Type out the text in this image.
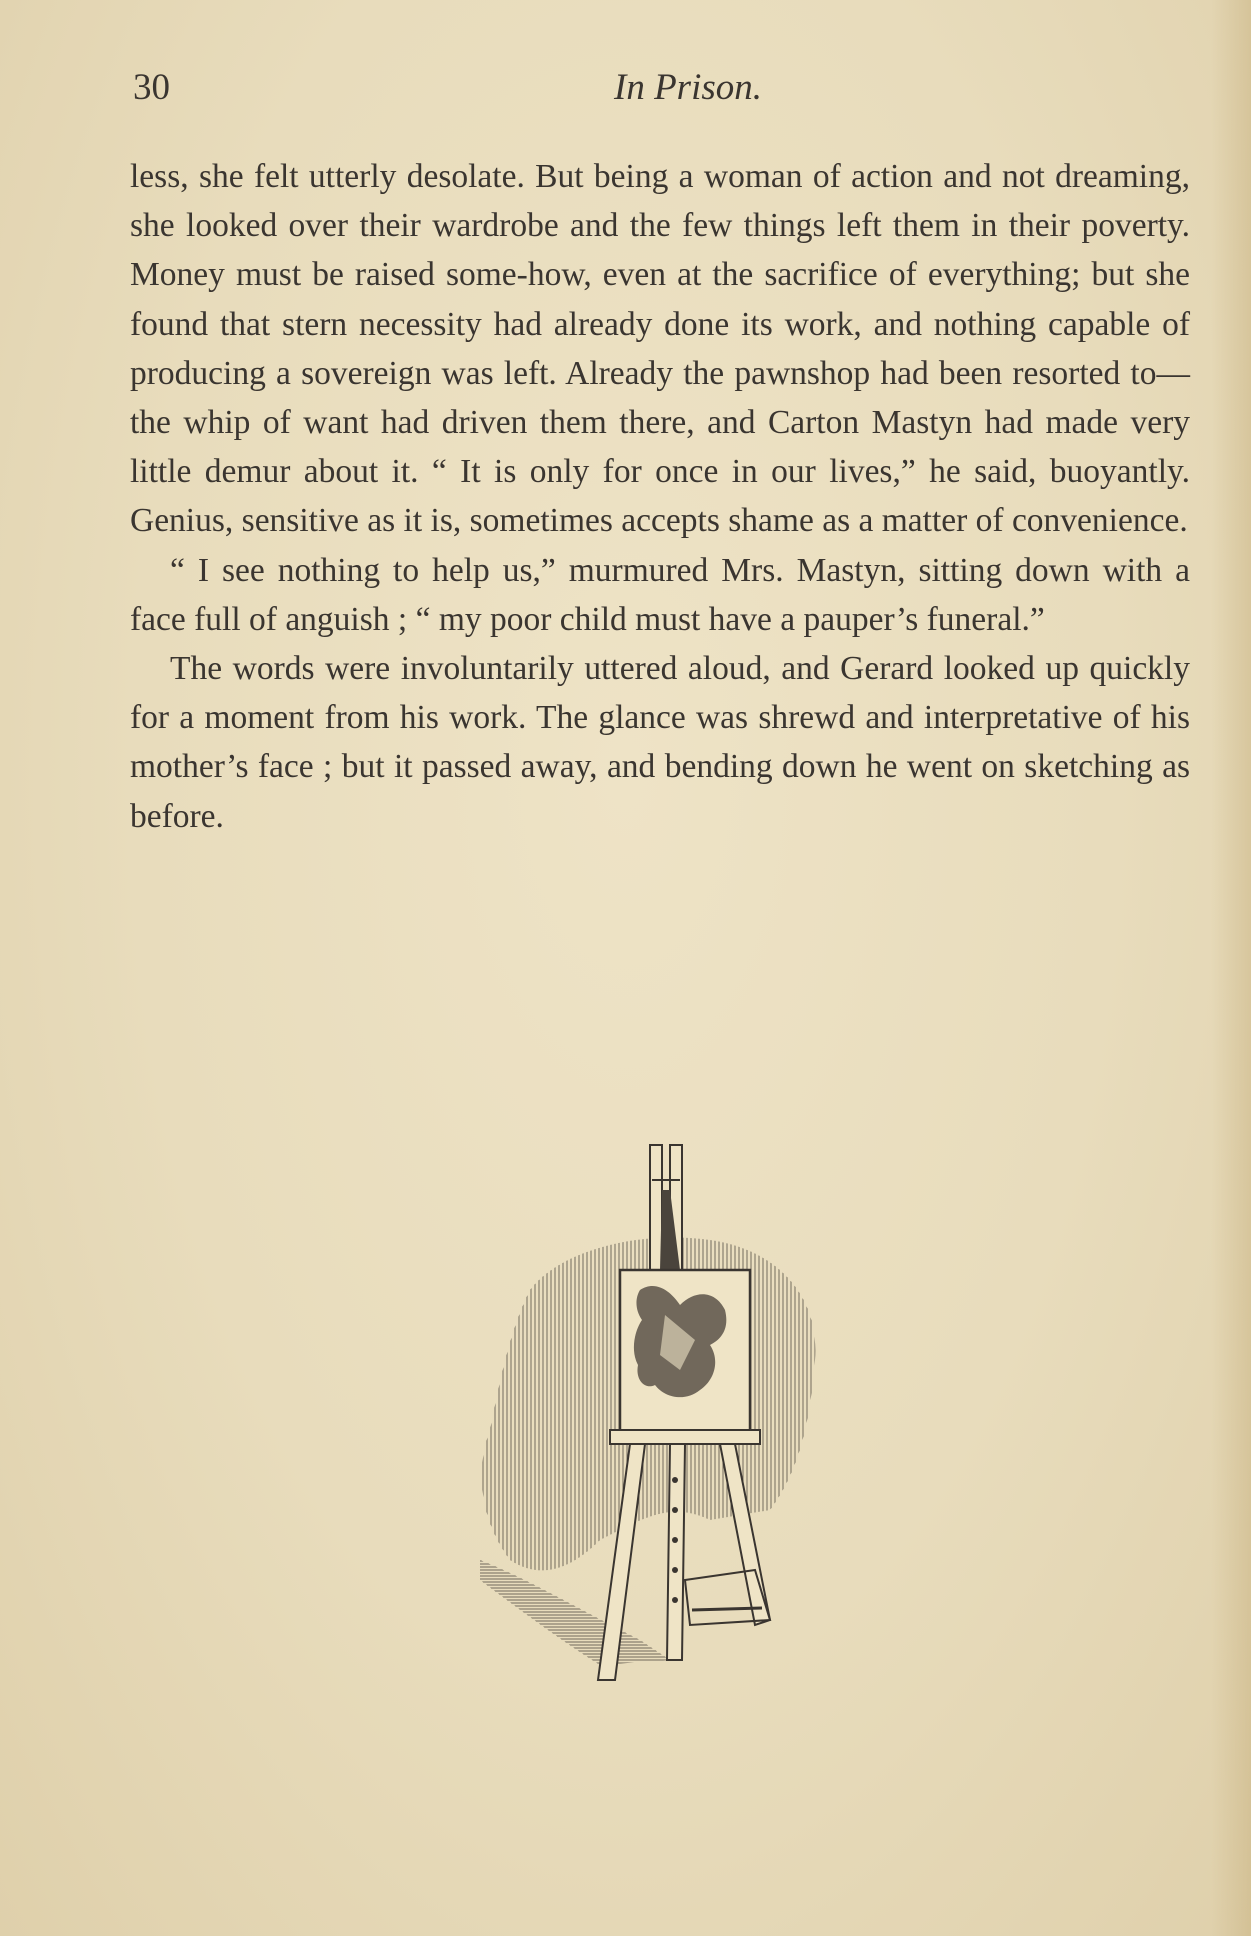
30	In Prison.

less, she felt utterly desolate. But being a woman of action and not dreaming, she looked over their wardrobe and the few things left them in their poverty. Money must be raised some-how, even at the sacrifice of everything; but she found that stern necessity had already done its work, and nothing capable of producing a sovereign was left. Already the pawnshop had been resorted to—the whip of want had driven them there, and Carton Mastyn had made very little demur about it. “ It is only for once in our lives,” he said, buoyantly. Genius, sensitive as it is, sometimes accepts shame as a matter of convenience.

“ I see nothing to help us,” murmured Mrs. Mastyn, sitting down with a face full of anguish ; “ my poor child must have a pauper’s funeral.”

The words were involuntarily uttered aloud, and Gerard looked up quickly for a moment from his work. The glance was shrewd and interpretative of his mother’s face ; but it passed away, and bending down he went on sketching as before.
